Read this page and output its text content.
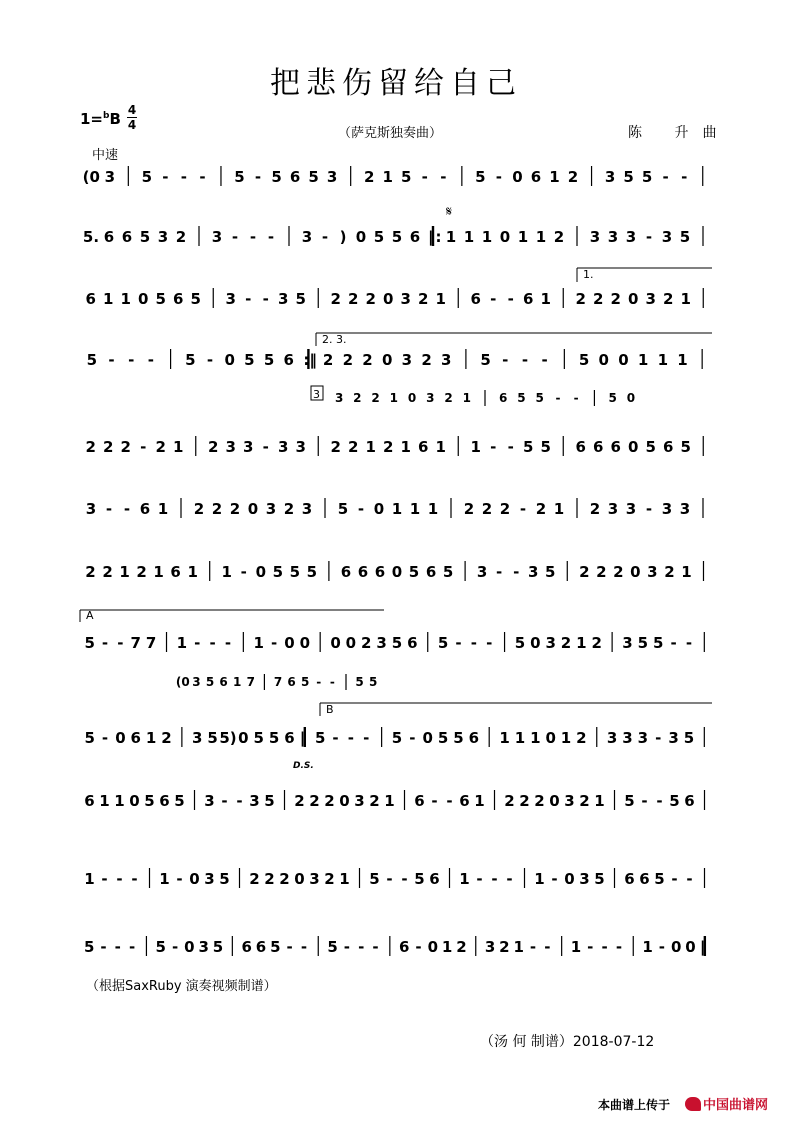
把悲伤留给自己
1=$^b$B 4
4
（萨克斯独奏曲）	陈 升曲
中速
(0 3 5 - - - 5 - 5 6 5 3 2 1 5 - - 5 - 0 6 1 2 3 5 5 - -
5. 6 6 5 3 2 3 - - - 3 - ) 0 5 5 6 ‖: 1 1 1 0 1 1 2 3 3 3 - 3 5
6 1 1 0 5 6 5 3 - - 3 5 2 2 2 0 3 2 1 6 - - 6 1 2 2 2 0 3 2 1
5 - - - 5 - 0 5 5 6 :‖ 2 2 2 0 3 2 3 5 - - - 5 0 0 1 1 1
3 2 2 1 0 3 2 1 6 5 5 - - 5 0
2 2 2 - 2 1 2 3 3 - 3 3 2 2 1 2 1 6 1 1 - - 5 5 6 6 6 0 5 6 5
3 - - 6 1 2 2 2 0 3 2 3 5 - 0 1 1 1 2 2 2 - 2 1 2 3 3 - 3 3
2 2 1 2 1 6 1 1 - 0 5 5 5 6 6 6 0 5 6 5 3 - - 3 5 2 2 2 0 3 2 1
5 - - 7 7 1 - - - 1 - 0 0 0 0 2 3 5 6 5 - - - 5 0 3 2 1 2 3 5 5 - -
(0 3 5 6 1 7 7 6 5 - - 5 5
5 - 0 6 1 2 3 5 5) 0 5 5 6 ‖ 5 - - - 5 - 0 5 5 6 1 1 1 0 1 2 3 3 3 - 3 5
6 1 1 0 5 6 5 3 - - 3 5 2 2 2 0 3 2 1 6 - - 6 1 2 2 2 0 3 2 1 5 - - 5 6
1 - - - 1 - 0 3 5 2 2 2 0 3 2 1 5 - - 5 6 1 - - - 1 - 0 3 5 6 6 5 - -
5 - - - 5 - 0 3 5 6 6 5 - - 5 - - - 6 - 0 1 2 3 2 1 - - 1 - - - 1 - 0 0 ‖
𝄋
1.
2. 3.
3
A
B
D.S.
（根据SaxRuby 演奏视频制谱）
（汤 何 制谱）2018-07-12
本曲谱上传于	中国曲谱网
